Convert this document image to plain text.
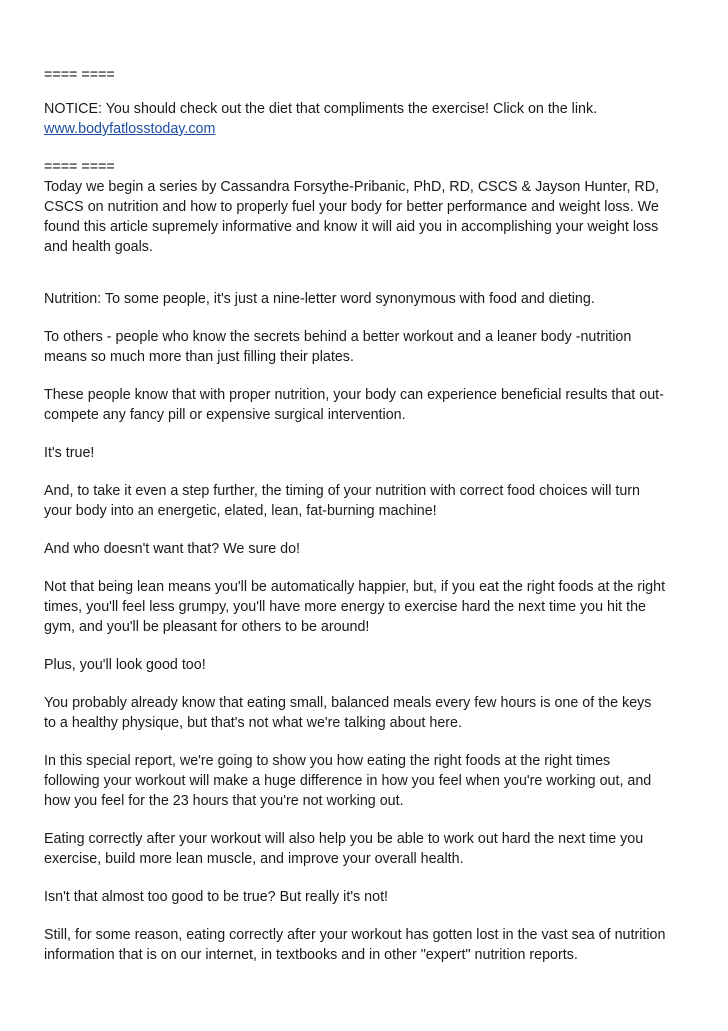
==== ====

NOTICE: You should check out the diet that compliments the exercise! Click on the link.

www.bodyfatlosstoday.com

==== ====

Today we begin a series by Cassandra Forsythe-Pribanic, PhD, RD, CSCS & Jayson Hunter, RD,

CSCS on nutrition and how to properly fuel your body for better performance and weight loss. We

found this article supremely informative and know it will aid you in accomplishing your weight loss

and health goals.

Nutrition: To some people, it's just a nine-letter word synonymous with food and dieting.

To others - people who know the secrets behind a better workout and a leaner body -nutrition

means so much more than just filling their plates.

These people know that with proper nutrition, your body can experience beneficial results that out-

compete any fancy pill or expensive surgical intervention.

It's true!

And, to take it even a step further, the timing of your nutrition with correct food choices will turn

your body into an energetic, elated, lean, fat-burning machine!

And who doesn't want that? We sure do!

Not that being lean means you'll be automatically happier, but, if you eat the right foods at the right

times, you'll feel less grumpy, you'll have more energy to exercise hard the next time you hit the

gym, and you'll be pleasant for others to be around!

Plus, you'll look good too!

You probably already know that eating small, balanced meals every few hours is one of the keys

to a healthy physique, but that's not what we're talking about here.

In this special report, we're going to show you how eating the right foods at the right times

following your workout will make a huge difference in how you feel when you're working out, and

how you feel for the 23 hours that you're not working out.

Eating correctly after your workout will also help you be able to work out hard the next time you

exercise, build more lean muscle, and improve your overall health.

Isn't that almost too good to be true? But really it's not!

Still, for some reason, eating correctly after your workout has gotten lost in the vast sea of nutrition

information that is on our internet, in textbooks and in other "expert" nutrition reports.
